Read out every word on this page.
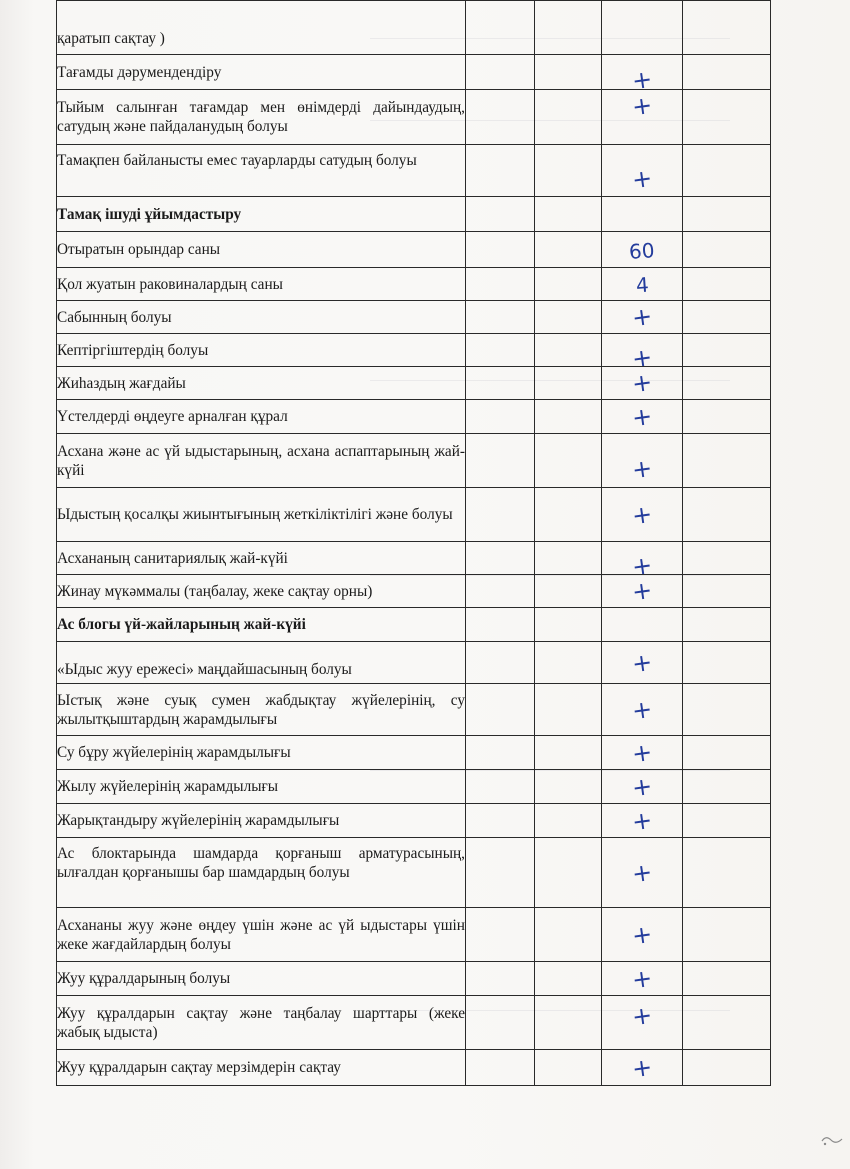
қаратып сақтау )				
Тағамды дәрумендендіру			+	
Тыйым салынған тағамдар мен өнімдерді дайындаудың, сатудың және пайдаланудың болуы			+	
Тамақпен байланысты емес тауарларды сатудың болуы			+	
Тамақ ішуді ұйымдастыру				
Отыратын орындар саны			60	
Қол жуатын раковиналардың саны			4	
Сабынның болуы			+	
Кептіргіштердің болуы			+	
Жиһаздың жағдайы			+	
Үстелдерді өңдеуге арналған құрал			+	
Асхана және ас үй ыдыстарының, асхана аспаптарының жай-күйі			+	
Ыдыстың қосалқы жиынтығының жеткіліктілігі және болуы			+	
Асхананың санитариялық жай-күйі			+	
Жинау мүкәммалы (таңбалау, жеке сақтау орны)			+	
Ас блогы үй-жайларының жай-күйі				
«Ыдыс жуу ережесі» маңдайшасының болуы			+	
Ыстық және суық сумен жабдықтау жүйелерінің, су жылытқыштардың жарамдылығы			+	
Су бұру жүйелерінің жарамдылығы			+	
Жылу жүйелерінің жарамдылығы			+	
Жарықтандыру жүйелерінің жарамдылығы			+	
Ас блоктарында шамдарда қорғаныш арматурасының, ылғалдан қорғанышы бар шамдардың болуы			+	
Асхананы жуу және өңдеу үшін және ас үй ыдыстары үшін жеке жағдайлардың болуы			+	
Жуу құралдарының болуы			+	
Жуу құралдарын сақтау және таңбалау шарттары (жеке жабық ыдыста)			+	
Жуу құралдарын сақтау мерзімдерін сақтау			+	
